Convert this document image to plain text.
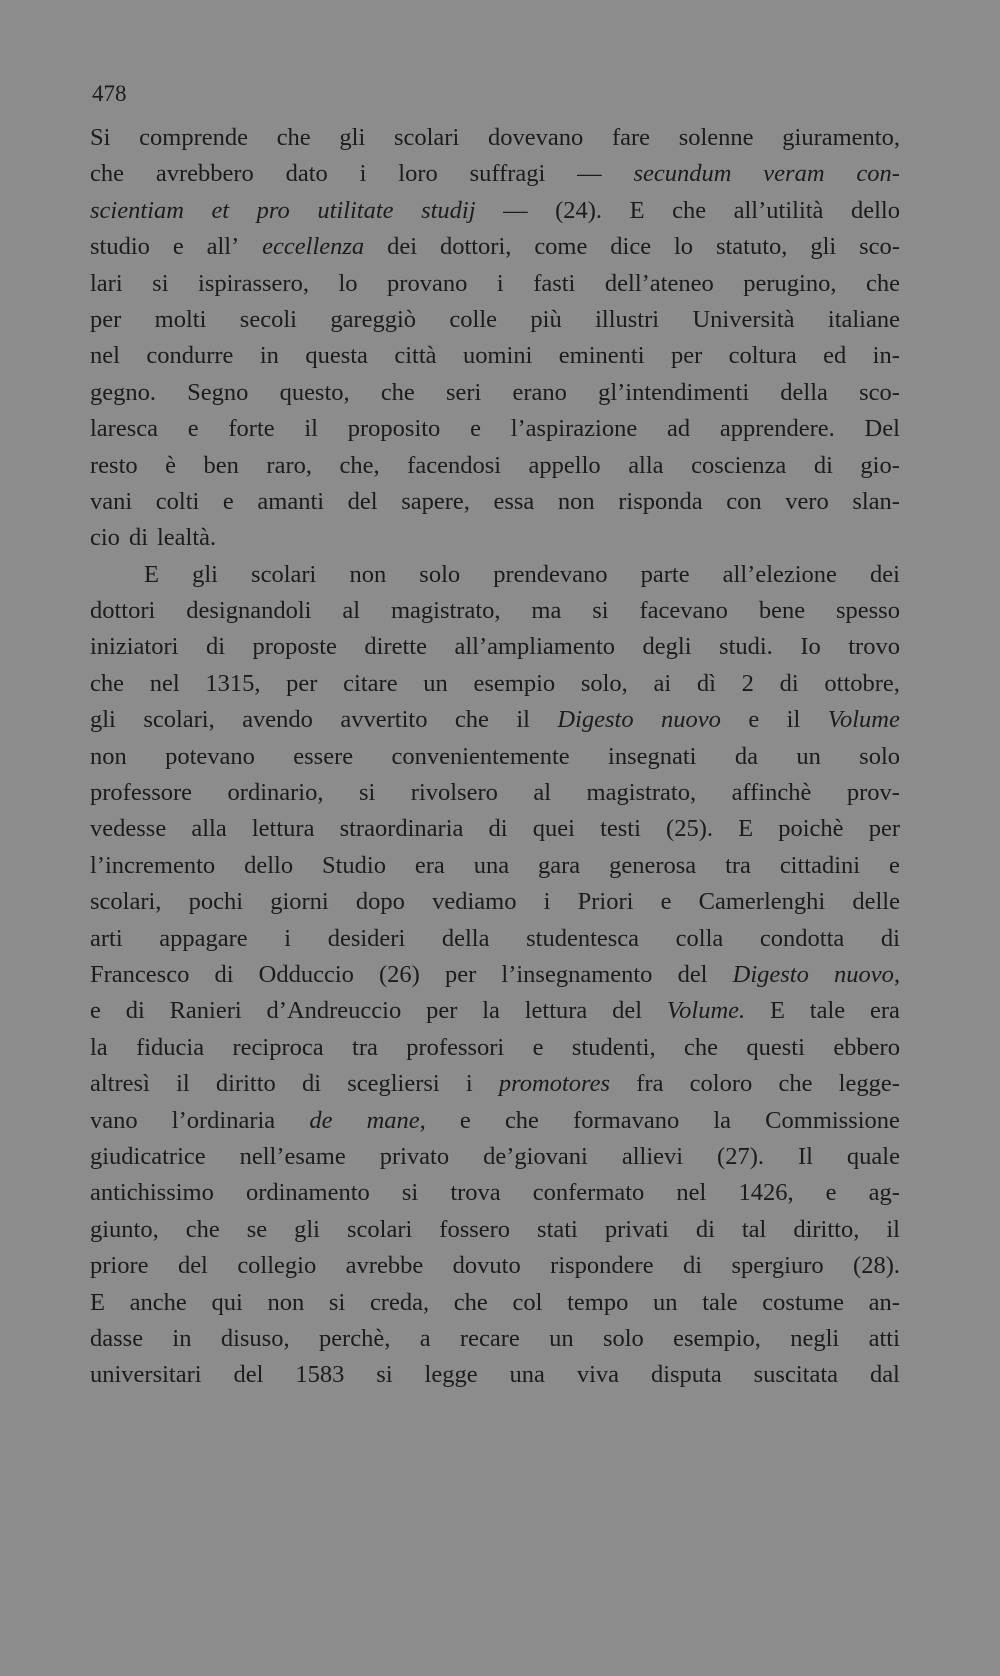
478
Si comprende che gli scolari dovevano fare solenne giuramento,
che avrebbero dato i loro suffragi — secundum veram con-
scientiam et pro utilitate studij — (24). E che all’utilità dello
studio e all’ eccellenza dei dottori, come dice lo statuto, gli sco-
lari si ispirassero, lo provano i fasti dell’ateneo perugino, che
per molti secoli gareggiò colle più illustri Università italiane
nel condurre in questa città uomini eminenti per coltura ed in-
gegno. Segno questo, che seri erano gl’intendimenti della sco-
laresca e forte il proposito e l’aspirazione ad apprendere. Del
resto è ben raro, che, facendosi appello alla coscienza di gio-
vani colti e amanti del sapere, essa non risponda con vero slan-
cio di lealtà.
E gli scolari non solo prendevano parte all’elezione dei
dottori designandoli al magistrato, ma si facevano bene spesso
iniziatori di proposte dirette all’ampliamento degli studi. Io trovo
che nel 1315, per citare un esempio solo, ai dì 2 di ottobre,
gli scolari, avendo avvertito che il Digesto nuovo e il Volume
non potevano essere convenientemente insegnati da un solo
professore ordinario, si rivolsero al magistrato, affinchè prov-
vedesse alla lettura straordinaria di quei testi (25). E poichè per
l’incremento dello Studio era una gara generosa tra cittadini e
scolari, pochi giorni dopo vediamo i Priori e Camerlenghi delle
arti appagare i desideri della studentesca colla condotta di
Francesco di Odduccio (26) per l’insegnamento del Digesto nuovo,
e di Ranieri d’Andreuccio per la lettura del Volume. E tale era
la fiducia reciproca tra professori e studenti, che questi ebbero
altresì il diritto di scegliersi i promotores fra coloro che legge-
vano l’ordinaria de mane, e che formavano la Commissione
giudicatrice nell’esame privato de’giovani allievi (27). Il quale
antichissimo ordinamento si trova confermato nel 1426, e ag-
giunto, che se gli scolari fossero stati privati di tal diritto, il
priore del collegio avrebbe dovuto rispondere di spergiuro (28).
E anche qui non si creda, che col tempo un tale costume an-
dasse in disuso, perchè, a recare un solo esempio, negli atti
universitari del 1583 si legge una viva disputa suscitata dal
